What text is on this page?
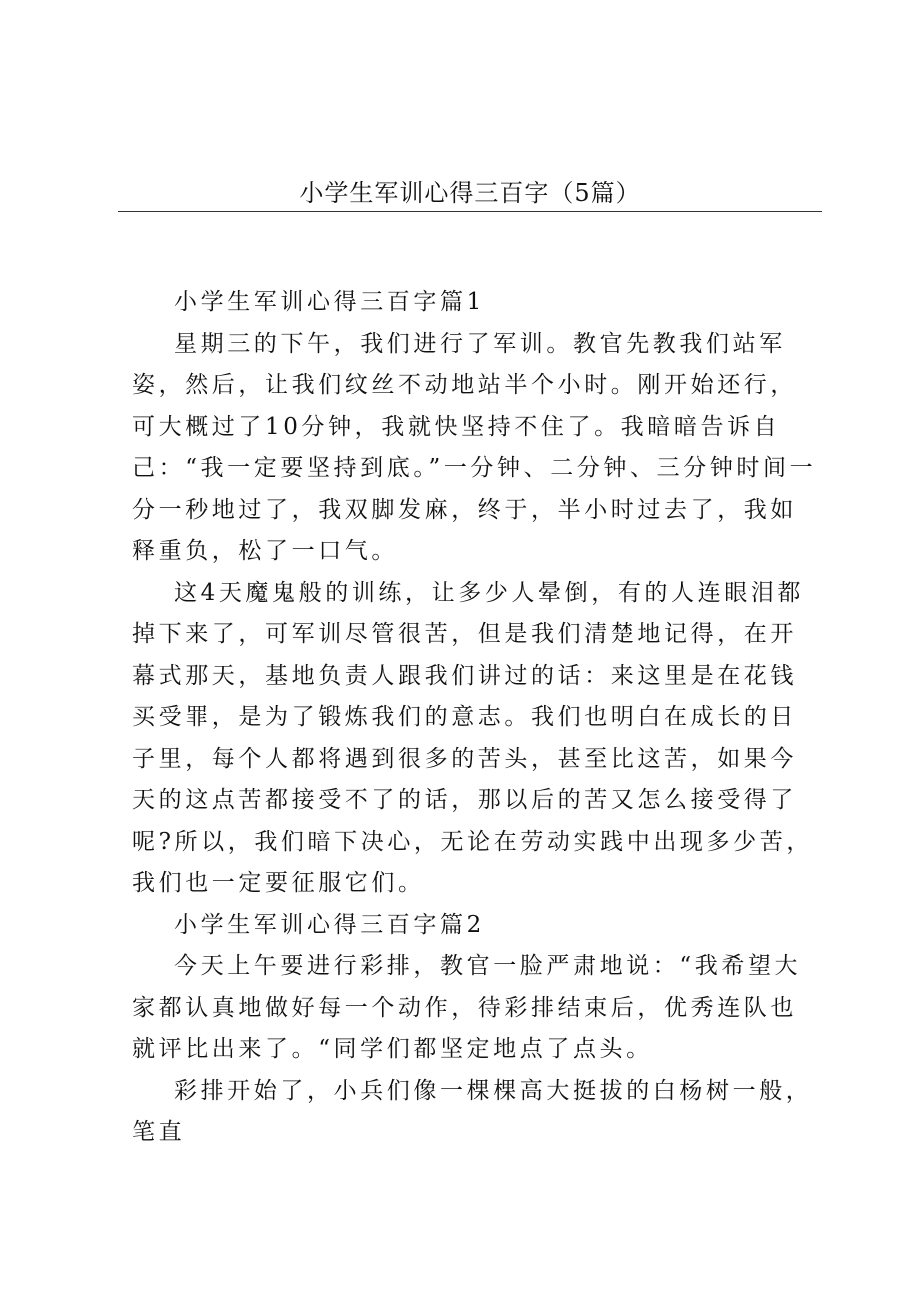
小学生军训心得三百字（5篇）

小学生军训心得三百字篇1

星期三的下午，我们进行了军训。教官先教我们站军姿，然后，让我们纹丝不动地站半个小时。刚开始还行，可大概过了10分钟，我就快坚持不住了。我暗暗告诉自己：“我一定要坚持到底。”一分钟、二分钟、三分钟时间一分一秒地过了，我双脚发麻，终于，半小时过去了，我如释重负，松了一口气。

这4天魔鬼般的训练，让多少人晕倒，有的人连眼泪都掉下来了，可军训尽管很苦，但是我们清楚地记得，在开幕式那天，基地负责人跟我们讲过的话：来这里是在花钱买受罪，是为了锻炼我们的意志。我们也明白在成长的日子里，每个人都将遇到很多的苦头，甚至比这苦，如果今天的这点苦都接受不了的话，那以后的苦又怎么接受得了呢?所以，我们暗下决心，无论在劳动实践中出现多少苦，我们也一定要征服它们。

小学生军训心得三百字篇2

今天上午要进行彩排，教官一脸严肃地说：“我希望大家都认真地做好每一个动作，待彩排结束后，优秀连队也就评比出来了。“同学们都坚定地点了点头。

彩排开始了，小兵们像一棵棵高大挺拔的白杨树一般，笔直
